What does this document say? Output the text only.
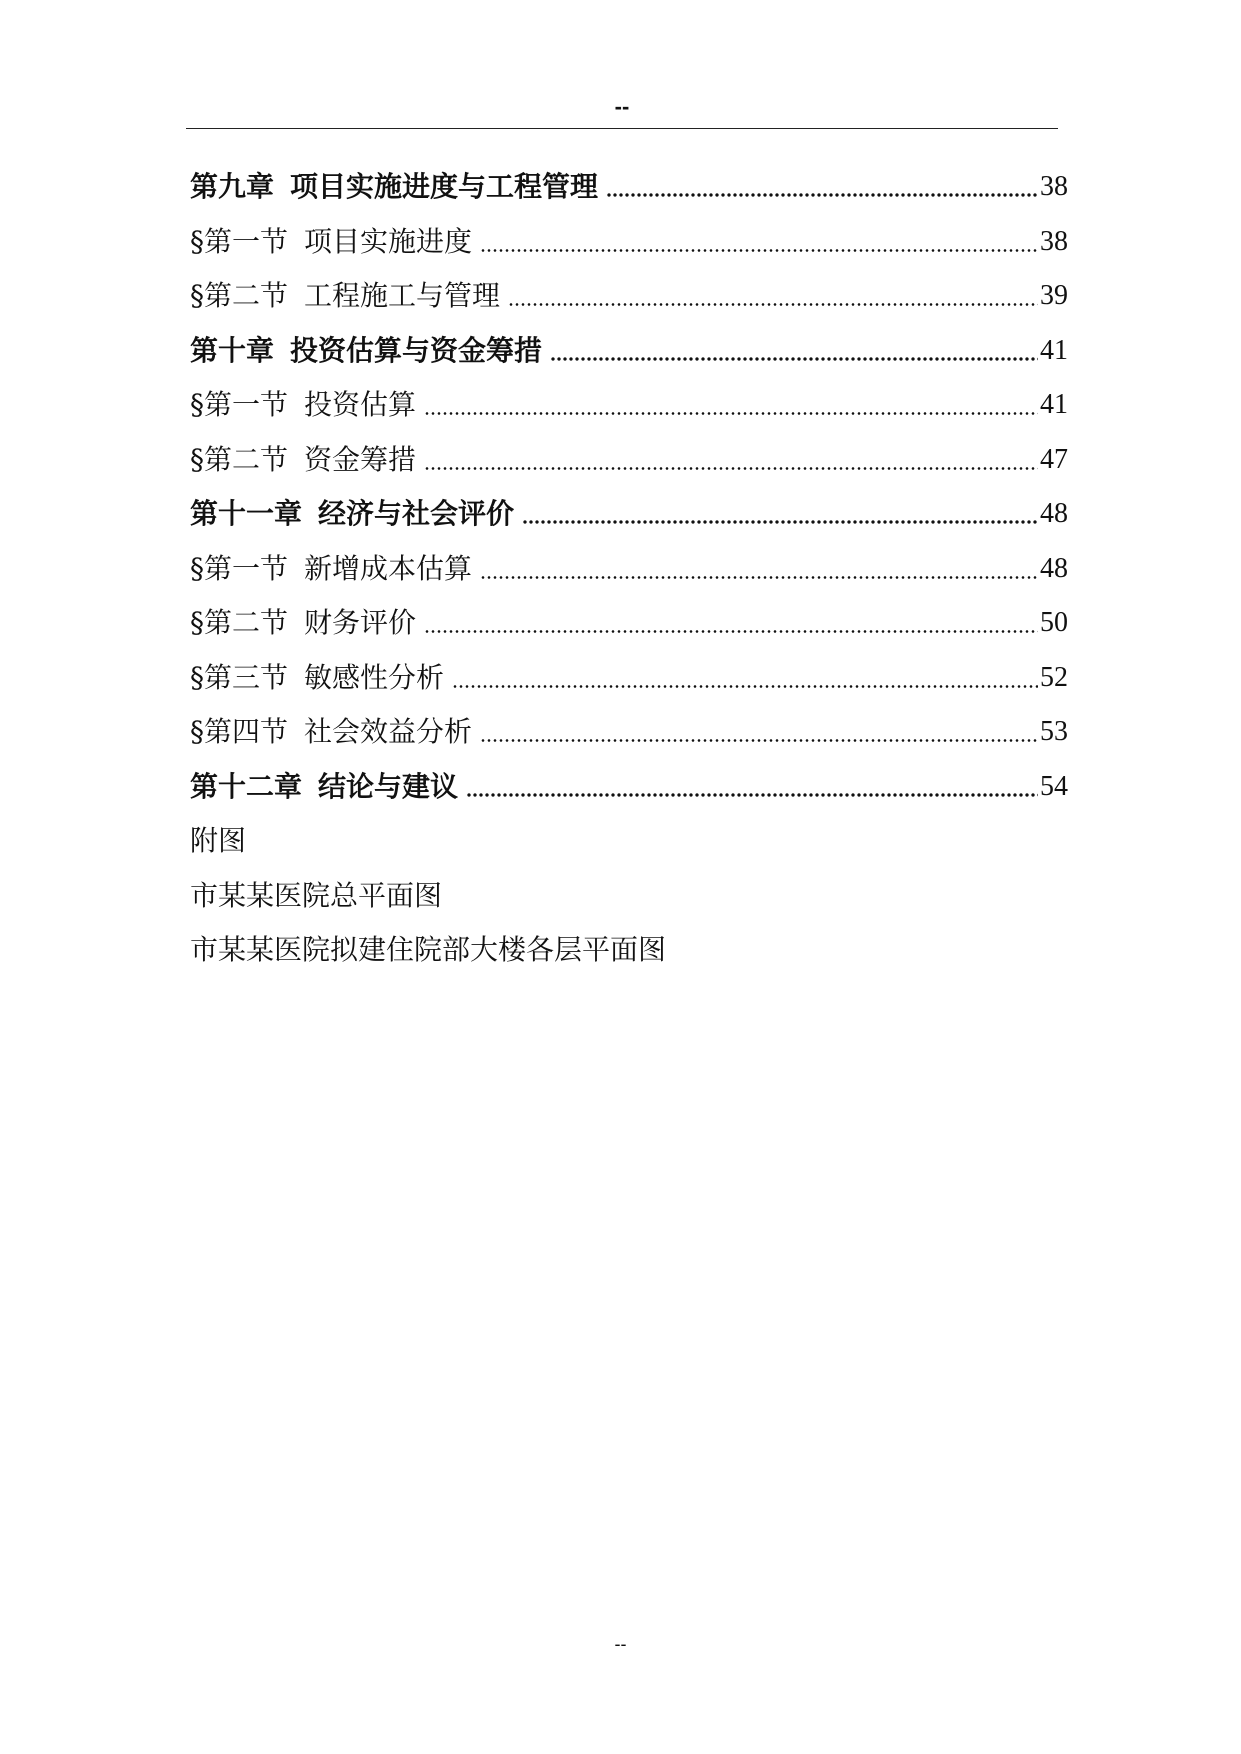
--
第九章 项目实施进度与工程管理	38
§第一节 项目实施进度	38
§第二节 工程施工与管理	39
第十章 投资估算与资金筹措	41
§第一节 投资估算	41
§第二节 资金筹措	47
第十一章 经济与社会评价	48
§第一节 新增成本估算	48
§第二节 财务评价	50
§第三节 敏感性分析	52
§第四节 社会效益分析	53
第十二章 结论与建议	54
附图
市某某医院总平面图
市某某医院拟建住院部大楼各层平面图
--
